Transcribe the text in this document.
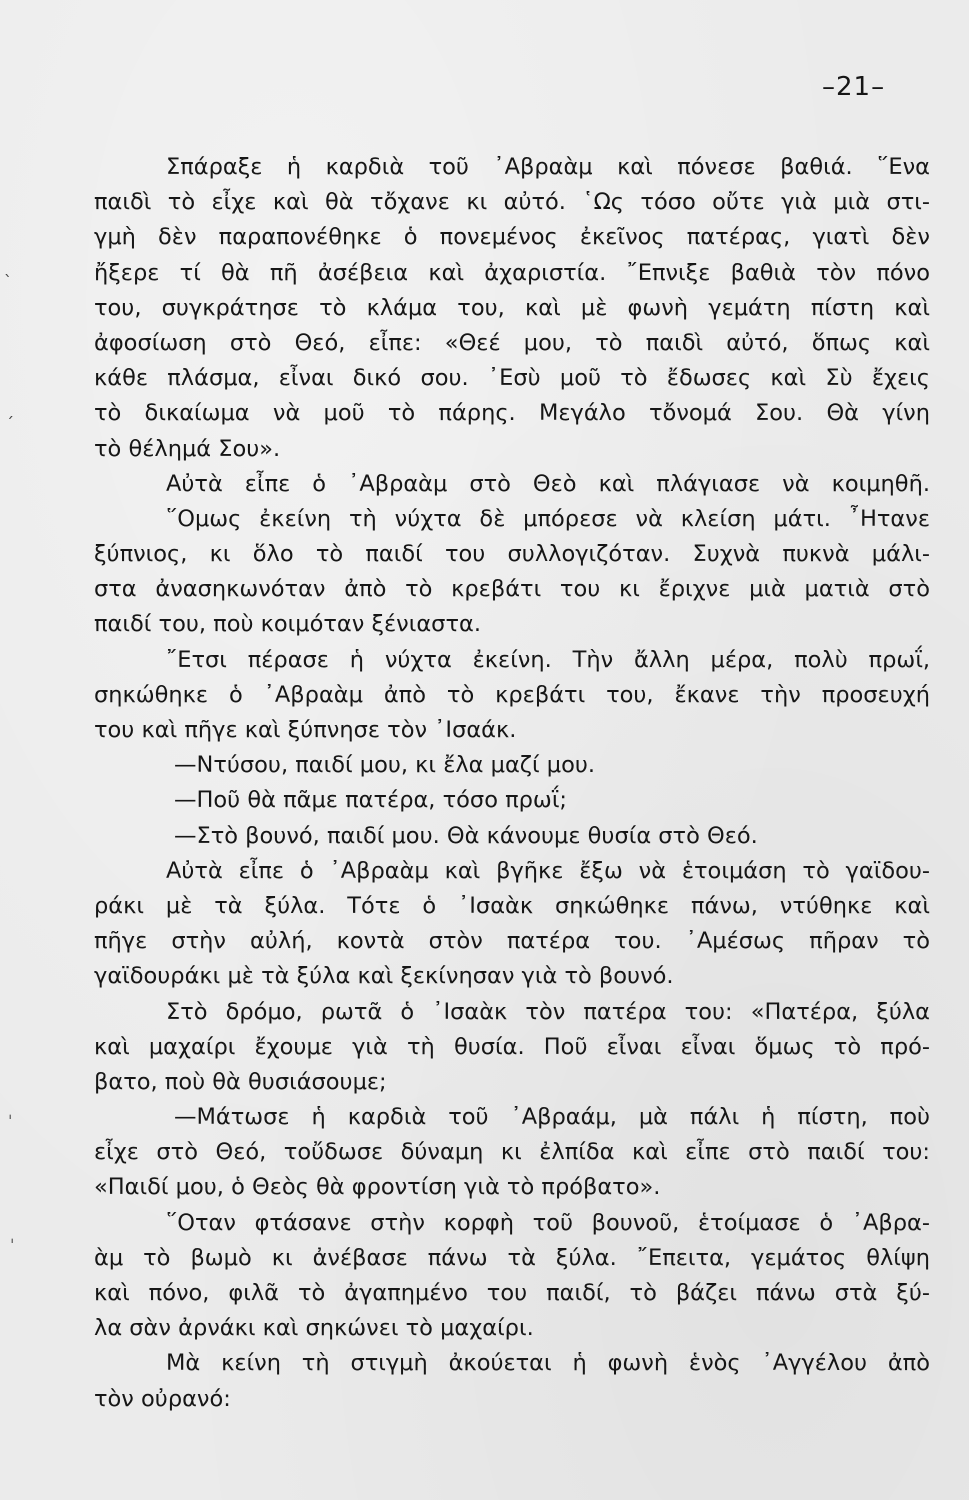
–21–
ˎ
ˏ
ˈ
ˈ
Σπάραξε ἡ καρδιὰ τοῦ ᾿Αβραὰμ καὶ πόνεσε βαθιά. ῞Ενα
παιδὶ τὸ εἶχε καὶ θὰ τὄχανε κι αὐτό. ῾Ως τόσο οὔτε γιὰ μιὰ στι-
γμὴ δὲν παραπονέθηκε ὁ πονεμένος ἐκεῖνος πατέρας, γιατὶ δὲν
ἤξερε τί θὰ πῆ ἀσέβεια καὶ ἀχαριστία. ῎Επνιξε βαθιὰ τὸν πόνο
του, συγκράτησε τὸ κλάμα του, καὶ μὲ φωνὴ γεμάτη πίστη καὶ
ἀφοσίωση στὸ Θεό, εἶπε: «Θεέ μου, τὸ παιδὶ αὐτό, ὅπως καὶ
κάθε πλάσμα, εἶναι δικό σου. ᾿Εσὺ μοῦ τὸ ἔδωσες καὶ Σὺ ἔχεις
τὸ δικαίωμα νὰ μοῦ τὸ πάρης. Μεγάλο τὄνομά Σου. Θὰ γίνη
τὸ θέλημά Σου».
Αὐτὰ εἶπε ὁ ᾿Αβραὰμ στὸ Θεὸ καὶ πλάγιασε νὰ κοιμηθῆ.
῞Ομως ἐκείνη τὴ νύχτα δὲ μπόρεσε νὰ κλείση μάτι. ῏Ητανε
ξύπνιος, κι ὅλο τὸ παιδί του συλλογιζόταν. Συχνὰ πυκνὰ μάλι-
στα ἀνασηκωνόταν ἀπὸ τὸ κρεβάτι του κι ἔριχνε μιὰ ματιὰ στὸ
παιδί του, ποὺ κοιμόταν ξένιαστα.
῎Ετσι πέρασε ἡ νύχτα ἐκείνη. Τὴν ἄλλη μέρα, πολὺ πρωΐ,
σηκώθηκε ὁ ᾿Αβραὰμ ἀπὸ τὸ κρεβάτι του, ἔκανε τὴν προσευχή
του καὶ πῆγε καὶ ξύπνησε τὸν ᾿Ισαάκ.
—Ντύσου, παιδί μου, κι ἔλα μαζί μου.
—Ποῦ θὰ πᾶμε πατέρα, τόσο πρωΐ;
—Στὸ βουνό, παιδί μου. Θὰ κάνουμε θυσία στὸ Θεό.
Αὐτὰ εἶπε ὁ ᾿Αβραὰμ καὶ βγῆκε ἔξω νὰ ἑτοιμάση τὸ γαϊδου-
ράκι μὲ τὰ ξύλα. Τότε ὁ ᾿Ισαὰκ σηκώθηκε πάνω, ντύθηκε καὶ
πῆγε στὴν αὐλή, κοντὰ στὸν πατέρα του. ᾿Αμέσως πῆραν τὸ
γαϊδουράκι μὲ τὰ ξύλα καὶ ξεκίνησαν γιὰ τὸ βουνό.
Στὸ δρόμο, ρωτᾶ ὁ ᾿Ισαὰκ τὸν πατέρα του: «Πατέρα, ξύλα
καὶ μαχαίρι ἔχουμε γιὰ τὴ θυσία. Ποῦ εἶναι εἶναι ὅμως τὸ πρό-
βατο, ποὺ θὰ θυσιάσουμε;
—Μάτωσε ἡ καρδιὰ τοῦ ᾿Αβραάμ, μὰ πάλι ἡ πίστη, ποὺ
εἶχε στὸ Θεό, τοὔδωσε δύναμη κι ἐλπίδα καὶ εἶπε στὸ παιδί του:
«Παιδί μου, ὁ Θεὸς θὰ φροντίση γιὰ τὸ πρόβατο».
῞Οταν φτάσανε στὴν κορφὴ τοῦ βουνοῦ, ἑτοίμασε ὁ ᾿Αβρα-
ὰμ τὸ βωμὸ κι ἀνέβασε πάνω τὰ ξύλα. ῎Επειτα, γεμάτος θλίψη
καὶ πόνο, φιλᾶ τὸ ἀγαπημένο του παιδί, τὸ βάζει πάνω στὰ ξύ-
λα σὰν ἀρνάκι καὶ σηκώνει τὸ μαχαίρι.
Μὰ κείνη τὴ στιγμὴ ἀκούεται ἡ φωνὴ ἑνὸς ᾿Αγγέλου ἀπὸ
τὸν οὐρανό:
